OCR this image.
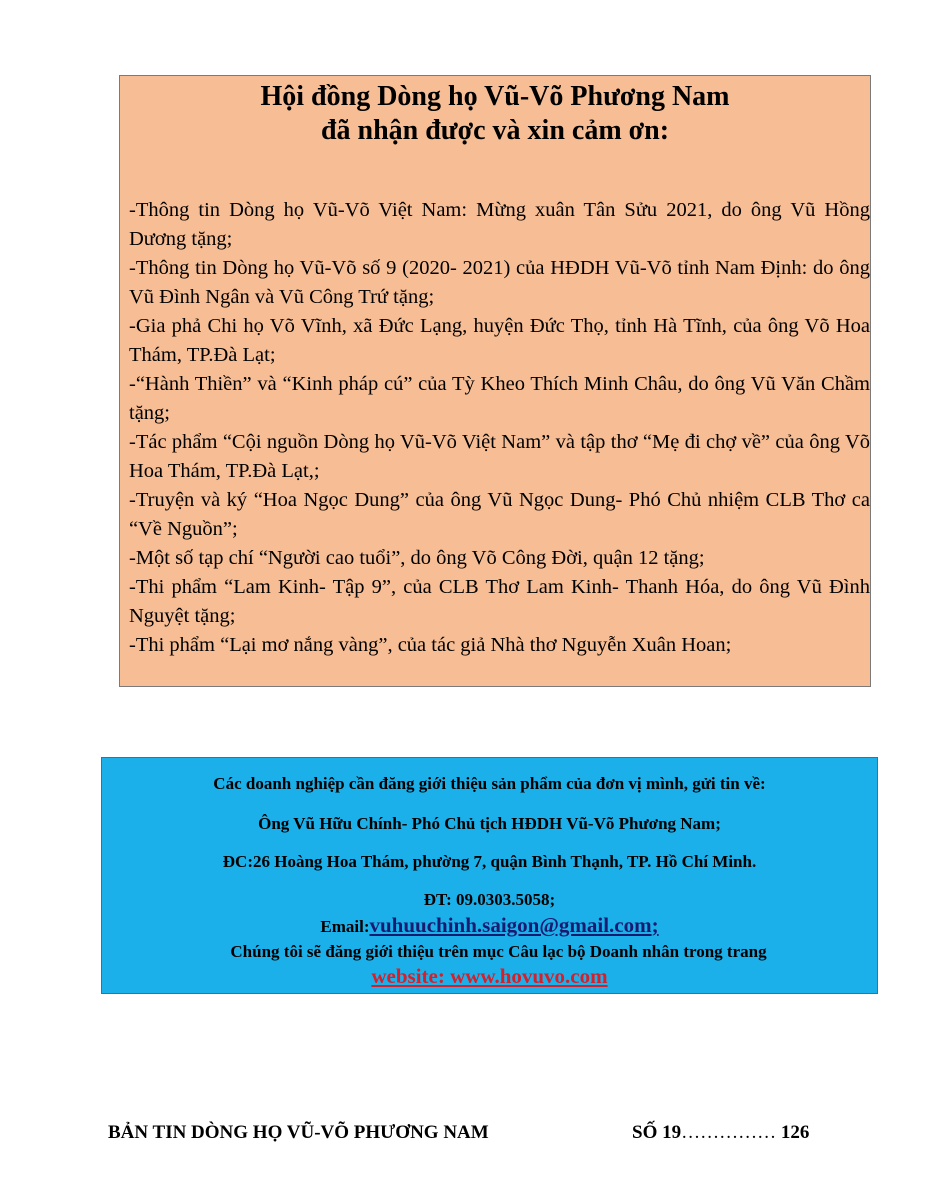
Hội đồng Dòng họ Vũ-Võ Phương Nam

đã nhận được và xin cảm ơn:

-Thông tin Dòng họ Vũ-Võ Việt Nam: Mừng xuân Tân Sửu 2021, do ông Vũ Hồng Dương tặng;
-Thông tin Dòng họ Vũ-Võ số 9 (2020- 2021) của HĐDH Vũ-Võ tỉnh Nam Định: do ông Vũ Đình Ngân và Vũ Công Trứ tặng;
-Gia phả Chi họ Võ Vĩnh, xã Đức Lạng, huyện Đức Thọ, tỉnh Hà Tĩnh, của ông Võ Hoa Thám, TP.Đà Lạt;
-“Hành Thiền” và “Kinh pháp cú” của Tỳ Kheo Thích Minh Châu, do ông Vũ Văn Chầm tặng;
-Tác phẩm “Cội nguồn Dòng họ Vũ-Võ Việt Nam” và tập thơ “Mẹ đi chợ về” của ông Võ Hoa Thám, TP.Đà Lạt,;
-Truyện và ký “Hoa Ngọc Dung” của ông Vũ Ngọc Dung- Phó Chủ nhiệm CLB Thơ ca “Về Nguồn”;
-Một số tạp chí “Người cao tuổi”, do ông Võ Công Đời, quận 12 tặng;
-Thi phẩm “Lam Kinh- Tập 9”, của CLB Thơ Lam Kinh- Thanh Hóa, do ông Vũ Đình Nguyệt tặng;
-Thi phẩm “Lại mơ nắng vàng”, của tác giả Nhà thơ Nguyễn Xuân Hoan;
Các doanh nghiệp cần đăng giới thiệu sản phẩm của đơn vị mình, gửi tin về:
Ông Vũ Hữu Chính- Phó Chủ tịch HĐDH Vũ-Võ Phương Nam;
ĐC:26 Hoàng Hoa Thám, phường 7, quận Bình Thạnh, TP. Hồ Chí Minh.
ĐT: 09.0303.5058;
Email:vuhuuchinh.saigon@gmail.com;
Chúng tôi sẽ đăng giới thiệu trên mục Câu lạc bộ Doanh nhân trong trang
website: www.hovuvo.com
BẢN TIN DÒNG HỌ VŨ-VÕ PHƯƠNG NAM	SỐ 19…………… 126
